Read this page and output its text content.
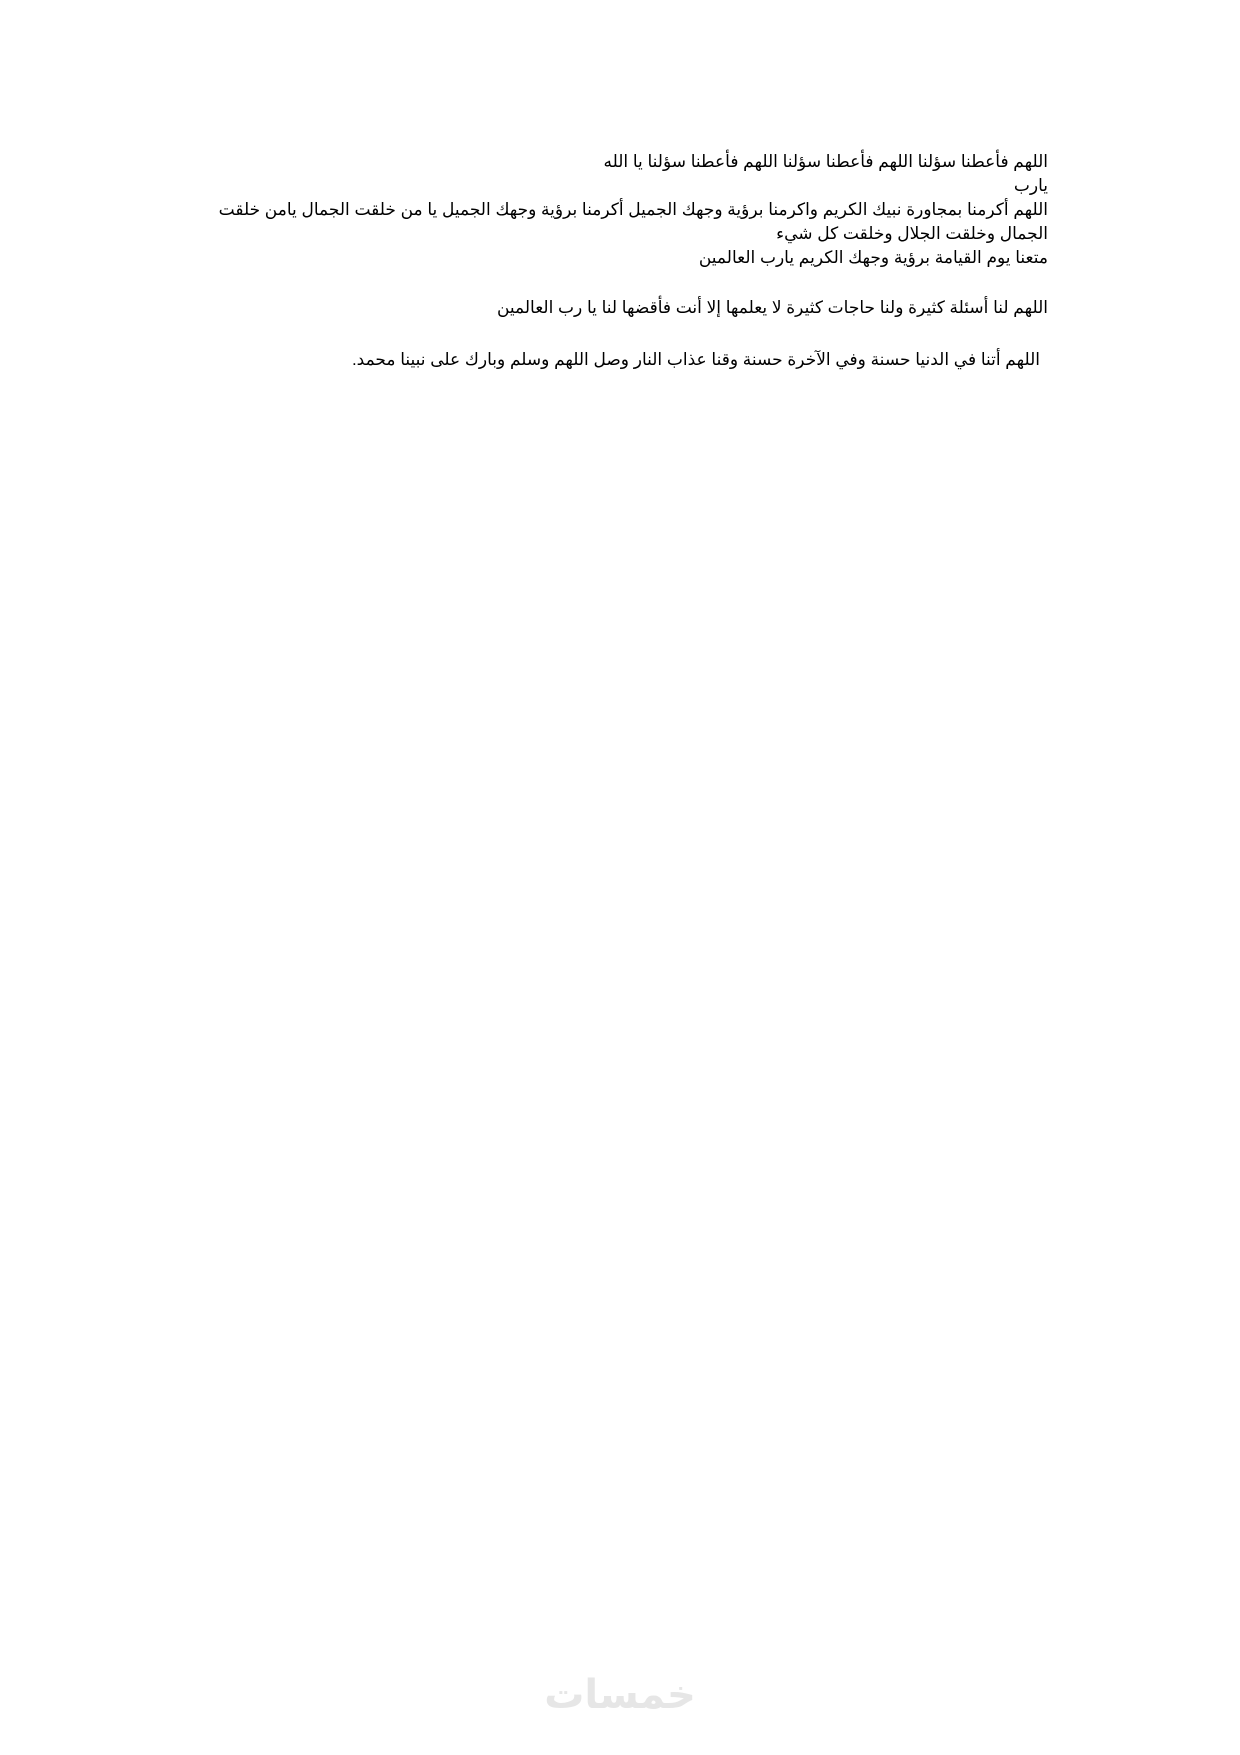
اللهم فأعطنا سؤلنا اللهم فأعطنا سؤلنا اللهم فأعطنا سؤلنا يا الله

يارب

اللهم أكرمنا بمجاورة نبيك الكريم واكرمنا برؤية وجهك الجميل أكرمنا برؤية وجهك الجميل يا من خلقت الجمال يامن خلقت الجمال وخلقت الجلال وخلقت كل شيء

متعنا يوم القيامة برؤية وجهك الكريم يارب العالمين

اللهم لنا أسئلة كثيرة ولنا حاجات كثيرة لا يعلمها إلا أنت فأقضها لنا يا رب العالمين

اللهم أتنا في الدنيا حسنة وفي الآخرة حسنة وقنا عذاب النار وصل اللهم وسلم وبارك على نبينا محمد.

خمسات
